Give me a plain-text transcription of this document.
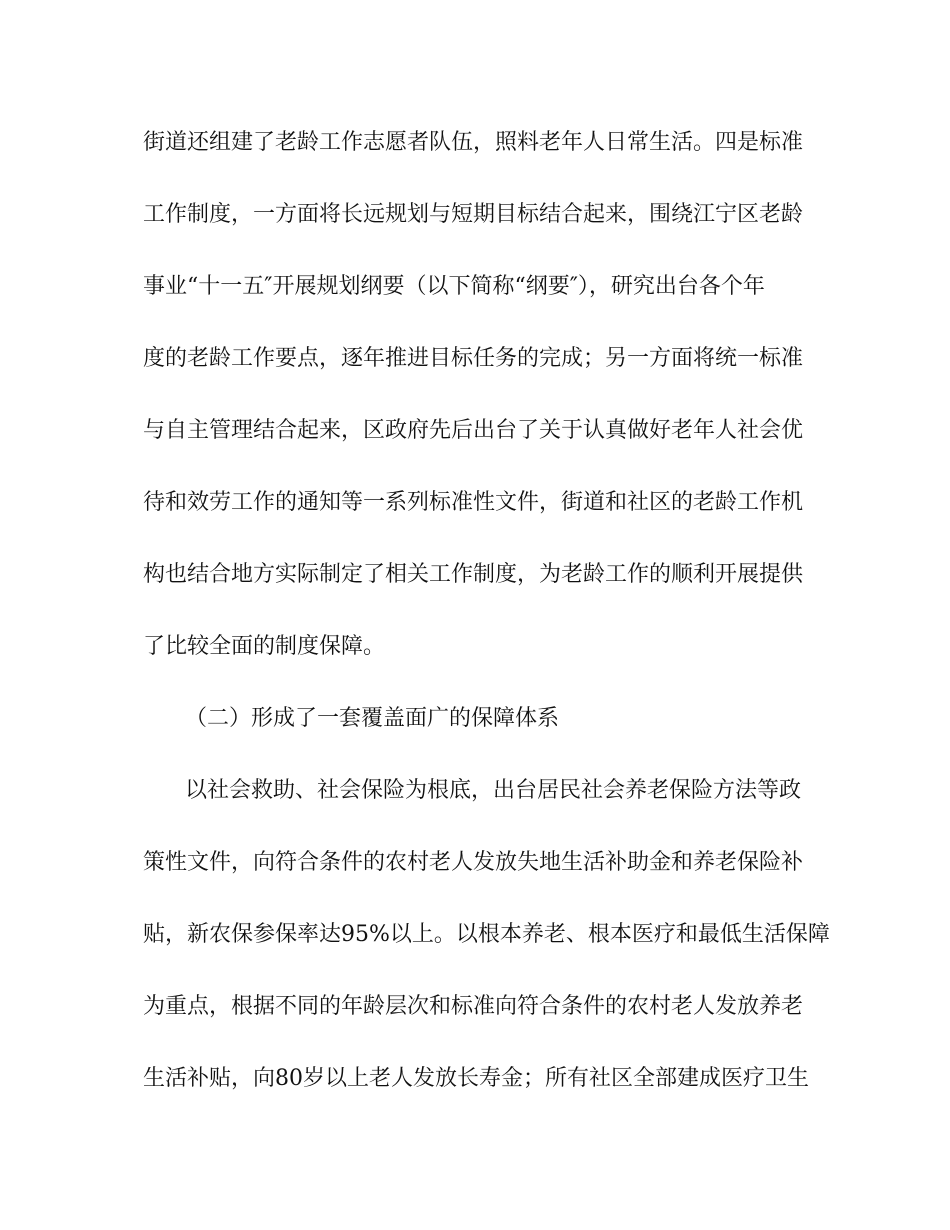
街道还组建了老龄工作志愿者队伍，照料老年人日常生活。四是标准
工作制度，一方面将长远规划与短期目标结合起来，围绕江宁区老龄
事业“十一五″开展规划纲要（以下简称“纲要″），研究出台各个年
度的老龄工作要点，逐年推进目标任务的完成；另一方面将统一标准
与自主管理结合起来，区政府先后出台了关于认真做好老年人社会优
待和效劳工作的通知等一系列标准性文件，街道和社区的老龄工作机
构也结合地方实际制定了相关工作制度，为老龄工作的顺利开展提供
了比较全面的制度保障。
（二）形成了一套覆盖面广的保障体系
以社会救助、社会保险为根底，出台居民社会养老保险方法等政
策性文件，向符合条件的农村老人发放失地生活补助金和养老保险补
贴，新农保参保率达95%以上。以根本养老、根本医疗和最低生活保障
为重点，根据不同的年龄层次和标准向符合条件的农村老人发放养老
生活补贴，向80岁以上老人发放长寿金；所有社区全部建成医疗卫生
